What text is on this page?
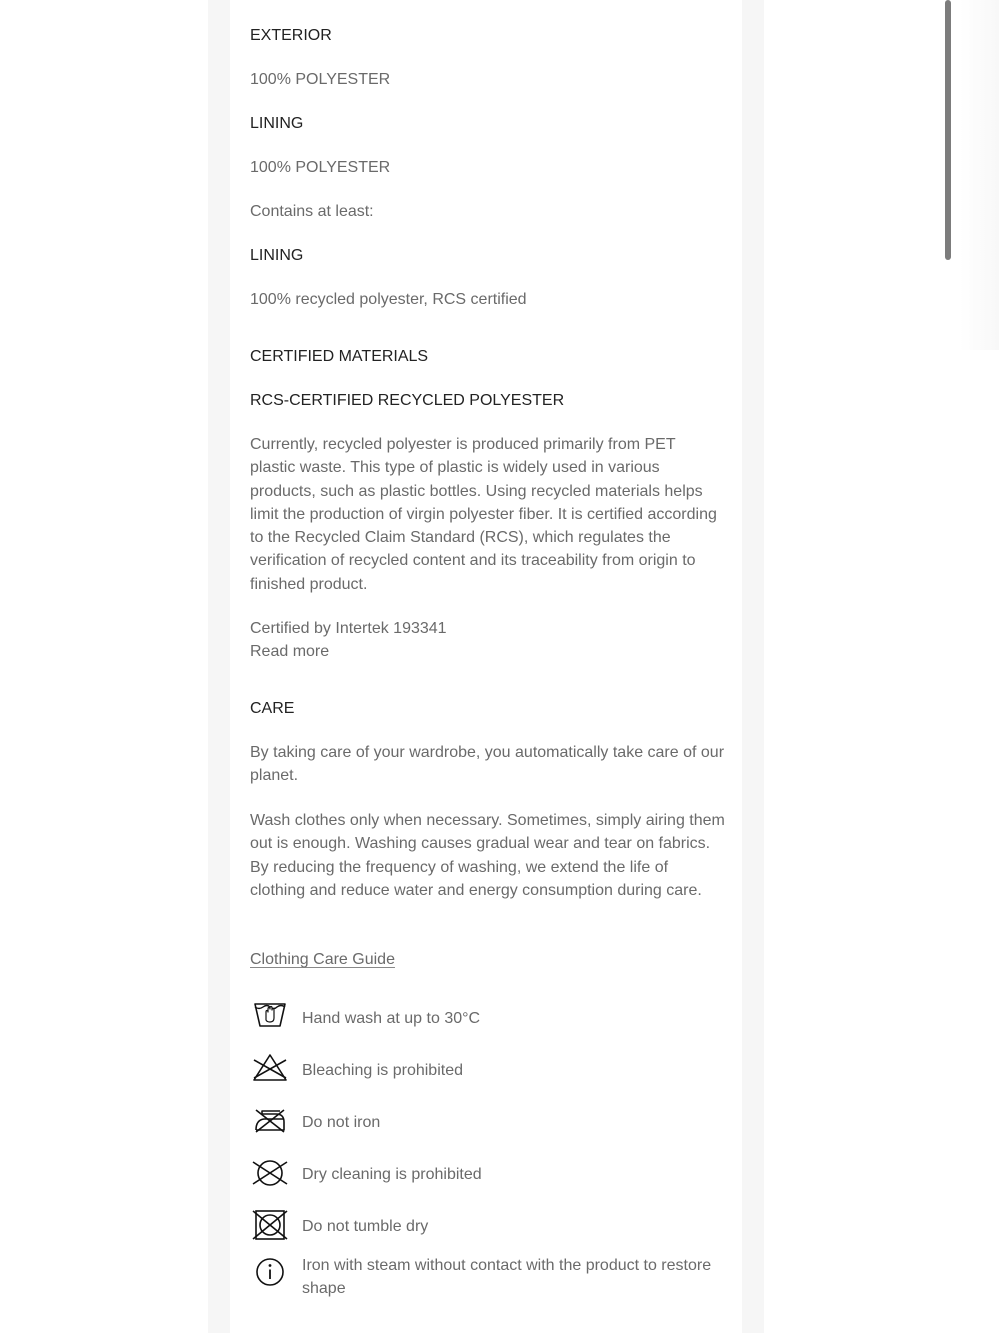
EXTERIOR
100% POLYESTER
LINING
100% POLYESTER
Contains at least:
LINING
100% recycled polyester, RCS certified
CERTIFIED MATERIALS
RCS-CERTIFIED RECYCLED POLYESTER
Currently, recycled polyester is produced primarily from PET plastic waste. This type of plastic is widely used in various products, such as plastic bottles. Using recycled materials helps limit the production of virgin polyester fiber. It is certified according to the Recycled Claim Standard (RCS), which regulates the verification of recycled content and its traceability from origin to finished product.
Certified by Intertek 193341
Read more
CARE
By taking care of your wardrobe, you automatically take care of our planet.
Wash clothes only when necessary. Sometimes, simply airing them out is enough. Washing causes gradual wear and tear on fabrics. By reducing the frequency of washing, we extend the life of clothing and reduce water and energy consumption during care.
Clothing Care Guide
Hand wash at up to 30°C
Bleaching is prohibited
Do not iron
Dry cleaning is prohibited
Do not tumble dry
Iron with steam without contact with the product to restore shape
